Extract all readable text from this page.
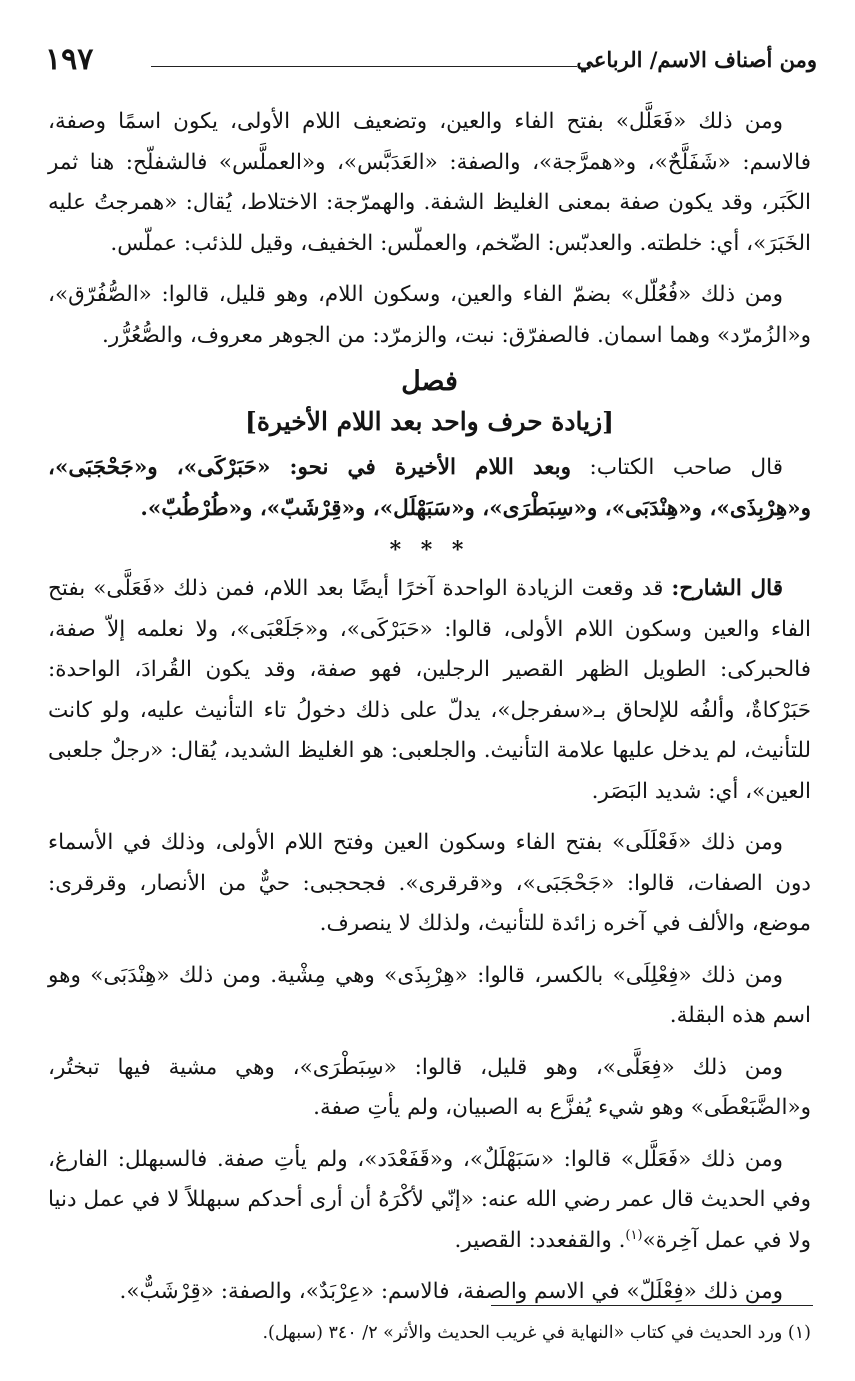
١٩٧	ومن أصناف الاسم/ الرباعي

ومن ذلك «فَعَلَّل» بفتح الفاء والعين، وتضعيف اللام الأولى، يكون اسمًا وصفة، فالاسم: «شَفَلَّحٌ»، و«همرَّجة»، والصفة: «العَدَبَّس»، و«العملَّس» فالشفلّح: هنا ثمر الكَبَر، وقد يكون صفة بمعنى الغليظ الشفة. والهمرّجة: الاختلاط، يُقال: «همرجتُ عليه الخَبَرَ»، أي: خلطته. والعدبّس: الضّخم، والعملّس: الخفيف، وقيل للذئب: عملّس.

ومن ذلك «فُعُلّل» بضمّ الفاء والعين، وسكون اللام، وهو قليل، قالوا: «الصُّفُرّق»، و«الزُمرّد» وهما اسمان. فالصفرّق: نبت، والزمرّد: من الجوهر معروف، والصُّعُرُّر.

فصل
[زيادة حرف واحد بعد اللام الأخيرة]

قال صاحب الكتاب: وبعد اللام الأخيرة في نحو: «حَبَرْكَى»، و«جَحْجَبَى»، و«هِرْبِذَى»، و«هِنْدَبَى»، و«سِبَطْرَى»، و«سَبَهْلَل»، و«قِرْشَبّ»، و«طُرْطُبّ».

* * *

قال الشارح: قد وقعت الزيادة الواحدة آخرًا أيضًا بعد اللام، فمن ذلك «فَعَلَّى» بفتح الفاء والعين وسكون اللام الأولى، قالوا: «حَبَرْكَى»، و«جَلَعْبَى»، ولا نعلمه إلاّ صفة، فالحبركى: الطويل الظهر القصير الرجلين، فهو صفة، وقد يكون القُرادَ، الواحدة: حَبَرْكاةٌ، وألفُه للإلحاق بـ«سفرجل»، يدلّ على ذلك دخولُ تاء التأنيث عليه، ولو كانت للتأنيث، لم يدخل عليها علامة التأنيث. والجلعبى: هو الغليظ الشديد، يُقال: «رجلٌ جلعبى العين»، أي: شديد البَصَر.

ومن ذلك «فَعْلَلَى» بفتح الفاء وسكون العين وفتح اللام الأولى، وذلك في الأسماء دون الصفات، قالوا: «جَحْجَبَى»، و«قرقرى». فجحجبى: حيٌّ من الأنصار، وقرقرى: موضع، والألف في آخره زائدة للتأنيث، ولذلك لا ينصرف.

ومن ذلك «فِعْلِلَى» بالكسر، قالوا: «هِرْبِذَى» وهي مِشْية. ومن ذلك «هِنْدَبَى» وهو اسم هذه البقلة.

ومن ذلك «فِعَلَّى»، وهو قليل، قالوا: «سِبَطْرَى»، وهي مشية فيها تبختُر، و«الضَّبَعْطَى» وهو شيء يُفزَّع به الصبيان، ولم يأتِ صفة.

ومن ذلك «فَعَلَّل» قالوا: «سَبَهْلَلٌ»، و«قَفَعْدَد»، ولم يأتِ صفة. فالسبهلل: الفارغ، وفي الحديث قال عمر رضي الله عنه: «إنّي لأكْرَهُ أن أرى أحدكم سبهللاً لا في عمل دنيا ولا في عمل آخِرة»$^{(١)}$. والقفعدد: القصير.

ومن ذلك «فِعْلَلّ» في الاسم والصفة، فالاسم: «عِرْبَدٌ»، والصفة: «قِرْشَبٌّ».

(١) ورد الحديث في كتاب «النهاية في غريب الحديث والأثر» ٢/ ٣٤٠ (سبهل).
